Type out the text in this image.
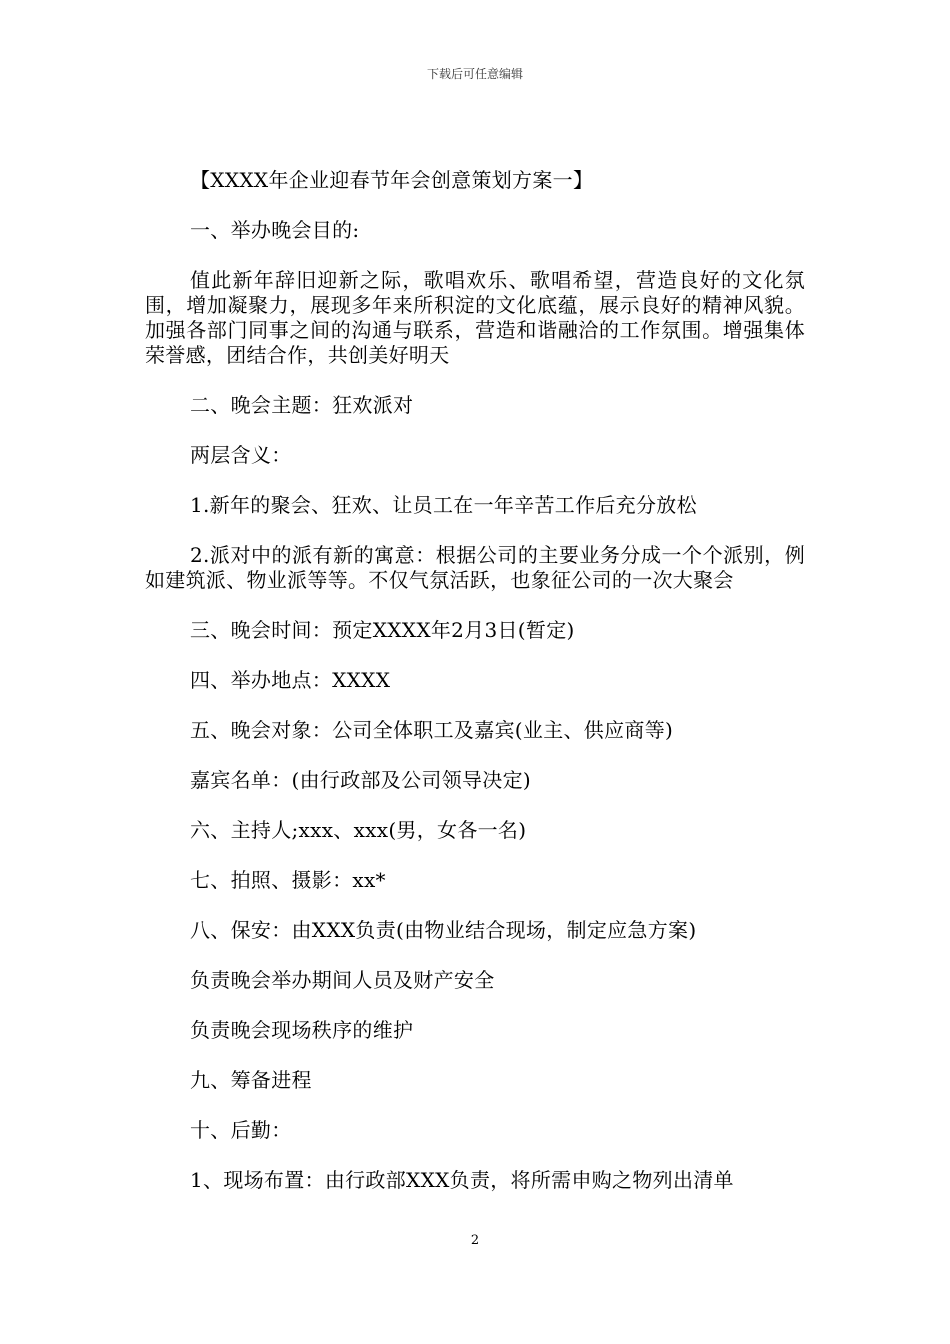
下载后可任意编辑

【XXXX年企业迎春节年会创意策划方案一】

一、举办晚会目的:

值此新年辞旧迎新之际，歌唱欢乐、歌唱希望，营造良好的文化氛围，增加凝聚力，展现多年来所积淀的文化底蕴，展示良好的精神风貌。加强各部门同事之间的沟通与联系，营造和谐融洽的工作氛围。增强集体荣誉感，团结合作，共创美好明天

二、晚会主题：狂欢派对

两层含义：

1.新年的聚会、狂欢、让员工在一年辛苦工作后充分放松

2.派对中的派有新的寓意：根据公司的主要业务分成一个个派别，例如建筑派、物业派等等。不仅气氛活跃，也象征公司的一次大聚会

三、晚会时间：预定XXXX年2月3日(暂定)

四、举办地点：XXXX

五、晚会对象：公司全体职工及嘉宾(业主、供应商等)

嘉宾名单：(由行政部及公司领导决定)

六、主持人;xxx、xxx(男，女各一名)

七、拍照、摄影：xx*

八、保安：由XXX负责(由物业结合现场，制定应急方案)

负责晚会举办期间人员及财产安全

负责晚会现场秩序的维护

九、筹备进程

十、后勤：

1、现场布置：由行政部XXX负责，将所需申购之物列出清单

2
